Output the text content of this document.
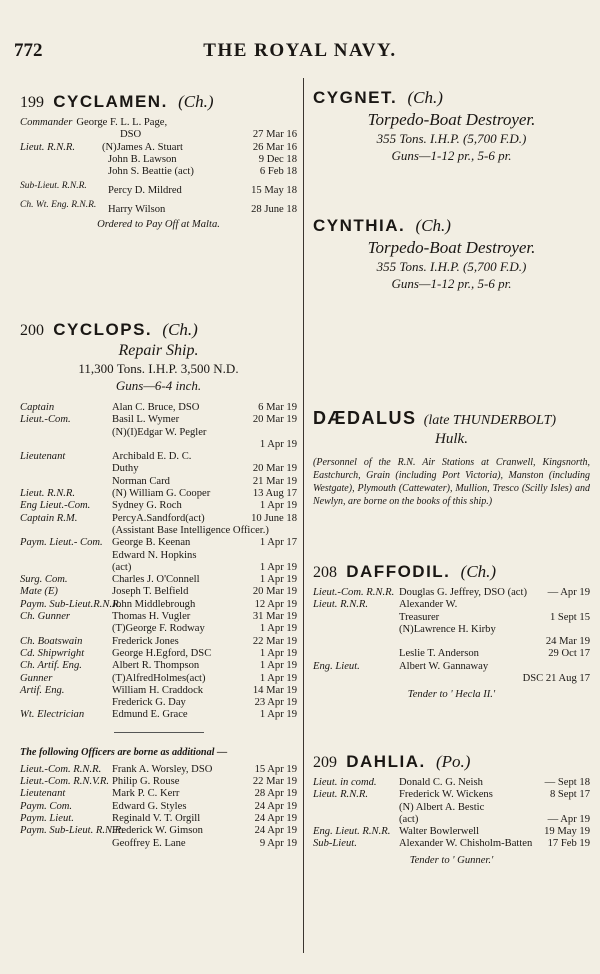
772	THE ROYAL NAVY.
199 CYCLAMEN. (Ch.)
Commander George F. L. L. Page,
DSO	27 Mar 16
Lieut. R.N.R.	(N)James A. Stuart	26 Mar 16
John B. Lawson	9 Dec 18
John S. Beattie (act)	6 Feb 18
Sub-Lieut. R.N.R.	Percy D. Mildred	15 May 18
Ch. Wt. Eng. R.N.R.	Harry Wilson	28 June 18
Ordered to Pay Off at Malta.
200 CYCLOPS. (Ch.)
Repair Ship.
11,300 Tons. I.H.P. 3,500 N.D.
Guns—6-4 inch.
Captain	Alan C. Bruce, DSO	6 Mar 19
Lieut.-Com.	Basil L. Wymer	20 Mar 19
(N)(I)Edgar W. Pegler
1 Apr 19
Lieutenant	Archibald E. D. C.
Duthy	20 Mar 19
Norman Card	21 Mar 19
Lieut. R.N.R.	(N) William G. Cooper	13 Aug 17
Eng Lieut.-Com.	Sydney G. Roch	1 Apr 19
Captain R.M.	PercyA.Sandford(act)	10 June 18
(Assistant Base Intelligence Officer.)
Paym. Lieut.- Com. George B. Keenan	1 Apr 17
Edward N. Hopkins
(act)	1 Apr 19
Surg. Com.	Charles J. O'Connell	1 Apr 19
Mate (E)	Joseph T. Belfield	20 Mar 19
Paym. Sub-Lieut.R.N.R.
John Middlebrough	12 Apr 19
Ch. Gunner	Thomas H. Vugler	31 Mar 19
(T)George F. Rodway	1 Apr 19
Ch. Boatswain	Frederick Jones	22 Mar 19
Cd. Shipwright	George H.Egford, DSC	1 Apr 19
Ch. Artif. Eng.	Albert R. Thompson	1 Apr 19
Gunner	(T)AlfredHolmes(act)	1 Apr 19
Artif. Eng.	William H. Craddock	14 Mar 19
Frederick G. Day	23 Apr 19
Wt. Electrician	Edmund E. Grace	1 Apr 19
The following Officers are borne as additional —
Lieut.-Com. R.N.R.	Frank A. Worsley, DSO	15 Apr 19
Lieut.-Com. R.N.V.R. Philip G. Rouse	22 Mar 19
Lieutenant	Mark P. C. Kerr	28 Apr 19
Paym. Com.	Edward G. Styles	24 Apr 19
Paym. Lieut.	Reginald V. T. Orgill	24 Apr 19
Paym. Sub-Lieut. R.N.R.
Frederick W. Gimson	24 Apr 19
Geoffrey E. Lane	9 Apr 19
CYGNET. (Ch.)
Torpedo-Boat Destroyer.
355 Tons. I.H.P. (5,700 F.D.)
Guns—1-12 pr., 5-6 pr.
CYNTHIA. (Ch.)
Torpedo-Boat Destroyer.
355 Tons. I.H.P. (5,700 F.D.)
Guns—1-12 pr., 5-6 pr.
DÆDALUS (late THUNDERBOLT)
Hulk.
(Personnel of the R.N. Air Stations at Cranwell, Kingsnorth, Eastchurch, Grain (including Port Victoria), Manston (including Westgate), Plymouth (Cattewater), Mullion, Tresco (Scilly Isles) and Newlyn, are borne on the books of this ship.)
208 DAFFODIL. (Ch.)
Lieut.-Com. R.N.R. Douglas G. Jeffrey, DSO (act)	— Apr 19
Lieut. R.N.R.	Alexander W.
Treasurer	1 Sept 15
(N)Lawrence H. Kirby
24 Mar 19
Leslie T. Anderson	29 Oct 17
Eng. Lieut.	Albert W. Gannaway
DSC 21 Aug 17
Tender to ' Hecla II.'
209 DAHLIA. (Po.)
Lieut. in comd.	Donald C. G. Neish	— Sept 18
Lieut. R.N.R.	Frederick W. Wickens	8 Sept 17
(N) Albert A. Bestic
(act)	— Apr 19
Eng. Lieut. R.N.R. Walter Bowlerwell	19 May 19
Sub-Lieut.	Alexander W. Chisholm-Batten	17 Feb 19
Tender to ' Gunner.'
